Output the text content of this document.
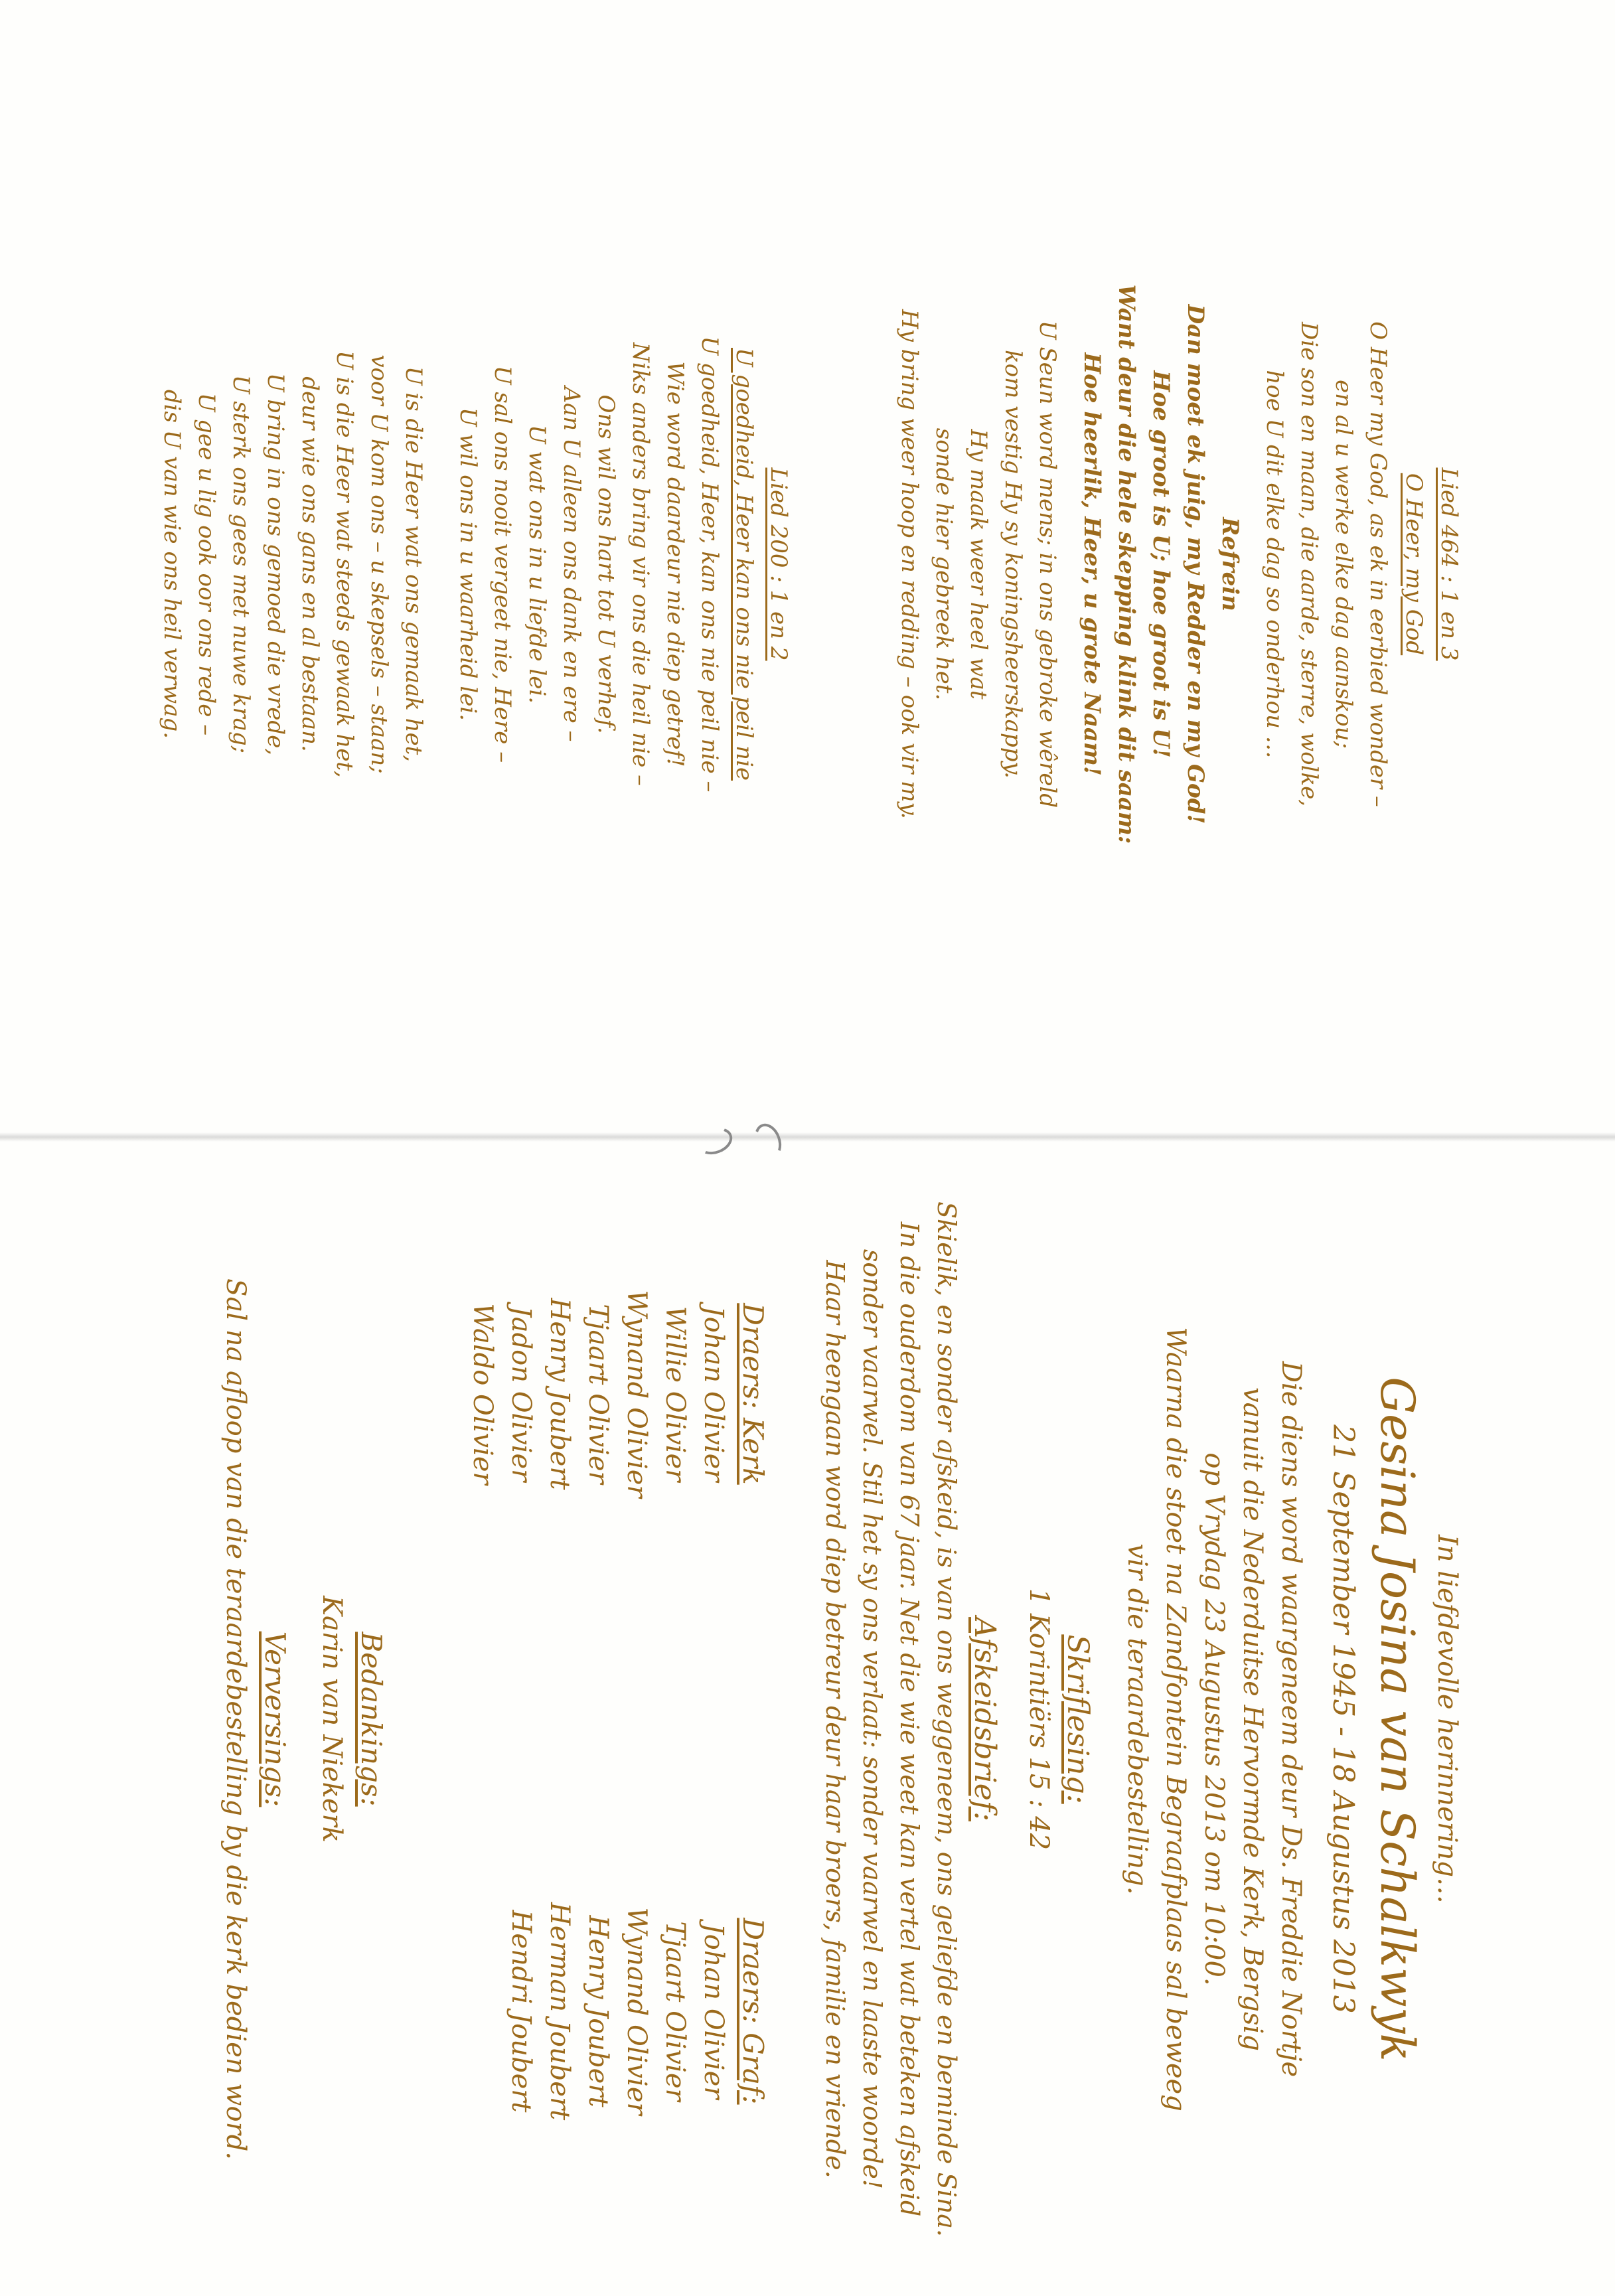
In liefdevolle herinnering…
Gesina Josina van Schalkwyk
21 September 1945 - 18 Augustus 2013
Die diens word waargeneem deur Ds. Freddie Nortje
vanuit die Nederduitse Hervormde Kerk, Bergsig
op Vrydag 23 Augustus 2013 om 10:00.
Waarna die stoet na Zandfontein Begraafplaas sal beweeg
vir die teraardebestelling.
Skriflesing:
1 Korintiërs 15 : 42
Afskeidsbrief:
Skielik, en sonder afskeid, is van ons weggeneem, ons geliefde en beminde Sina.
In die ouderdom van 67 jaar. Net die wie weet kan vertel wat beteken afskeid
sonder vaarwel. Stil het sy ons verlaat: sonder vaarwel en laaste woorde!
Haar heengaan word diep betreur deur haar broers, familie en vriende.
Draers: Kerk
Johan Olivier
Willie Olivier
Wynand Olivier
Tjaart Olivier
Henry Joubert
Jadon Olivier
Waldo Olivier
Draers: Graf:
Johan Olivier
Tjaart Olivier
Wynand Olivier
Henry Joubert
Herman Joubert
Hendri Joubert
Bedankings:
Karin van Niekerk
Verversings:
Sal na afloop van die teraardebestelling by die kerk bedien word.
Lied 464 : 1 en 3
O Heer, my God
O Heer my God, as ek in eerbied wonder –
en al u werke elke dag aanskou;
Die son en maan, die aarde, sterre, wolke,
hoe U dit elke dag so onderhou …
Refrein
Dan moet ek juig, my Redder en my God!
Hoe groot is U; hoe groot is U!
Want deur die hele skepping klink dit saam:
Hoe heerlik, Heer, u grote Naam!
U Seun word mens; in ons gebroke wêreld
kom vestig Hy sy koningsheerskappy.
Hy maak weer heel wat
sonde hier gebreek het.
Hy bring weer hoop en redding – ook vir my.
Lied 200 : 1 en 2
U goedheid, Heer kan ons nie peil nie
U goedheid, Heer, kan ons nie peil nie –
Wie word daardeur nie diep getref!
Niks anders bring vir ons die heil nie –
Ons wil ons hart tot U verhef.
Aan U alleen ons dank en ere –
U wat ons in u liefde lei.
U sal ons nooit vergeet nie, Here –
U wil ons in u waarheid lei.
U is die Heer wat ons gemaak het,
voor U kom ons – u skepsels – staan;
U is die Heer wat steeds gewaak het,
deur wie ons gans en al bestaan.
U bring in ons gemoed die vrede,
U sterk ons gees met nuwe krag;
U gee u lig ook oor ons rede –
dis U van wie ons heil verwag.
